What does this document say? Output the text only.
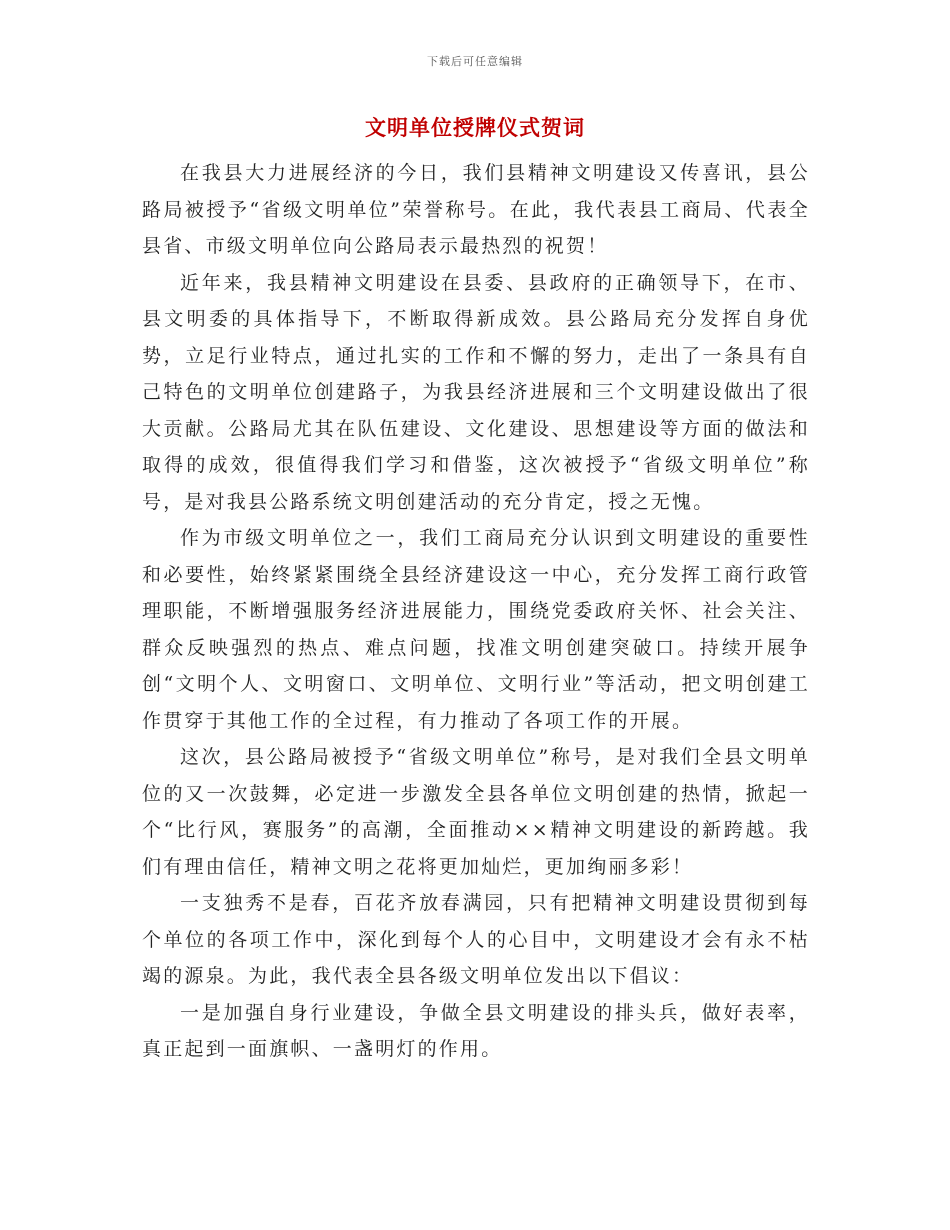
下载后可任意编辑
文明单位授牌仪式贺词

在我县大力进展经济的今日，我们县精神文明建设又传喜讯，县公路局被授予“省级文明单位”荣誉称号。在此，我代表县工商局、代表全县省、市级文明单位向公路局表示最热烈的祝贺！

近年来，我县精神文明建设在县委、县政府的正确领导下，在市、县文明委的具体指导下，不断取得新成效。县公路局充分发挥自身优势，立足行业特点，通过扎实的工作和不懈的努力，走出了一条具有自己特色的文明单位创建路子，为我县经济进展和三个文明建设做出了很大贡献。公路局尤其在队伍建设、文化建设、思想建设等方面的做法和取得的成效，很值得我们学习和借鉴，这次被授予“省级文明单位”称号，是对我县公路系统文明创建活动的充分肯定，授之无愧。

作为市级文明单位之一，我们工商局充分认识到文明建设的重要性和必要性，始终紧紧围绕全县经济建设这一中心，充分发挥工商行政管理职能，不断增强服务经济进展能力，围绕党委政府关怀、社会关注、群众反映强烈的热点、难点问题，找准文明创建突破口。持续开展争创“文明个人、文明窗口、文明单位、文明行业”等活动，把文明创建工作贯穿于其他工作的全过程，有力推动了各项工作的开展。

这次，县公路局被授予“省级文明单位”称号，是对我们全县文明单位的又一次鼓舞，必定进一步激发全县各单位文明创建的热情，掀起一个“比行风，赛服务”的高潮，全面推动××精神文明建设的新跨越。我们有理由信任，精神文明之花将更加灿烂，更加绚丽多彩！

一支独秀不是春，百花齐放春满园，只有把精神文明建设贯彻到每个单位的各项工作中，深化到每个人的心目中，文明建设才会有永不枯竭的源泉。为此，我代表全县各级文明单位发出以下倡议：

一是加强自身行业建设，争做全县文明建设的排头兵，做好表率，真正起到一面旗帜、一盏明灯的作用。
